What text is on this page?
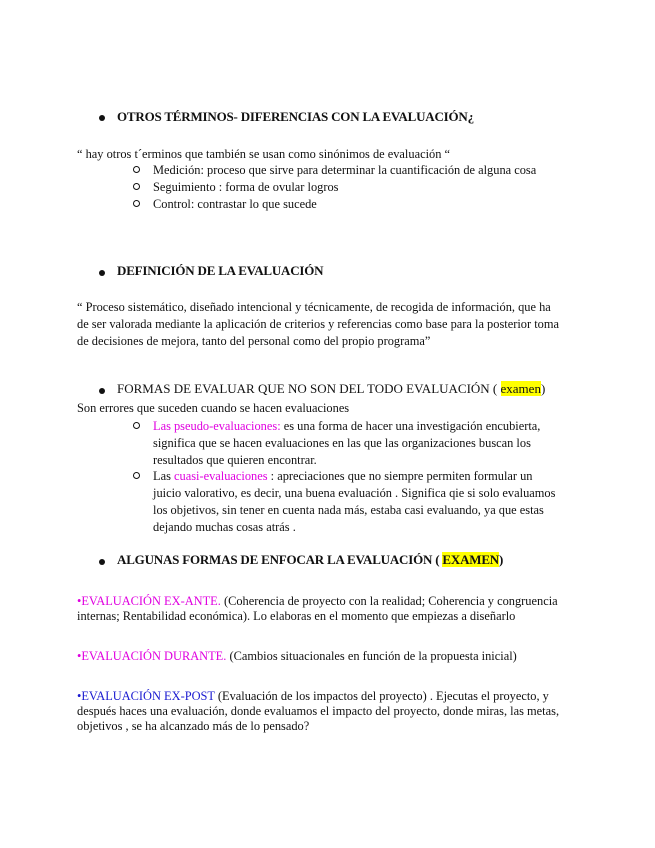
OTROS TÉRMINOS- DIFERENCIAS CON LA EVALUACIÓN¿
“ hay otros t´erminos que también se usan como sinónimos de evaluación “
Medición: proceso que sirve para determinar la cuantificación de alguna cosa
Seguimiento : forma de ovular logros
Control: contrastar lo que sucede
DEFINICIÓN DE LA EVALUACIÓN
“ Proceso sistemático, diseñado intencional y técnicamente, de recogida de información, que ha
de ser valorada mediante la aplicación de criterios y referencias como base para la posterior toma
de decisiones de mejora, tanto del personal como del propio programa”
FORMAS DE EVALUAR QUE NO SON DEL TODO EVALUACIÓN ( examen)
Son errores que suceden cuando se hacen evaluaciones
Las pseudo-evaluaciones: es una forma de hacer una investigación encubierta,
significa que se hacen evaluaciones en las que las organizaciones buscan los
resultados que quieren encontrar.
Las cuasi-evaluaciones : apreciaciones que no siempre permiten formular un
juicio valorativo, es decir, una buena evaluación . Significa qie si solo evaluamos
los objetivos, sin tener en cuenta nada más, estaba casi evaluando, ya que estas
dejando muchas cosas atrás .
ALGUNAS FORMAS DE ENFOCAR LA EVALUACIÓN ( EXAMEN)
•EVALUACIÓN EX-ANTE. (Coherencia de proyecto con la realidad; Coherencia y congruencia
internas; Rentabilidad económica). Lo elaboras en el momento que empiezas a diseñarlo
•EVALUACIÓN DURANTE. (Cambios situacionales en función de la propuesta inicial)
•EVALUACIÓN EX-POST (Evaluación de los impactos del proyecto) . Ejecutas el proyecto, y
después haces una evaluación, donde evaluamos el impacto del proyecto, donde miras, las metas,
objetivos , se ha alcanzado más de lo pensado?
